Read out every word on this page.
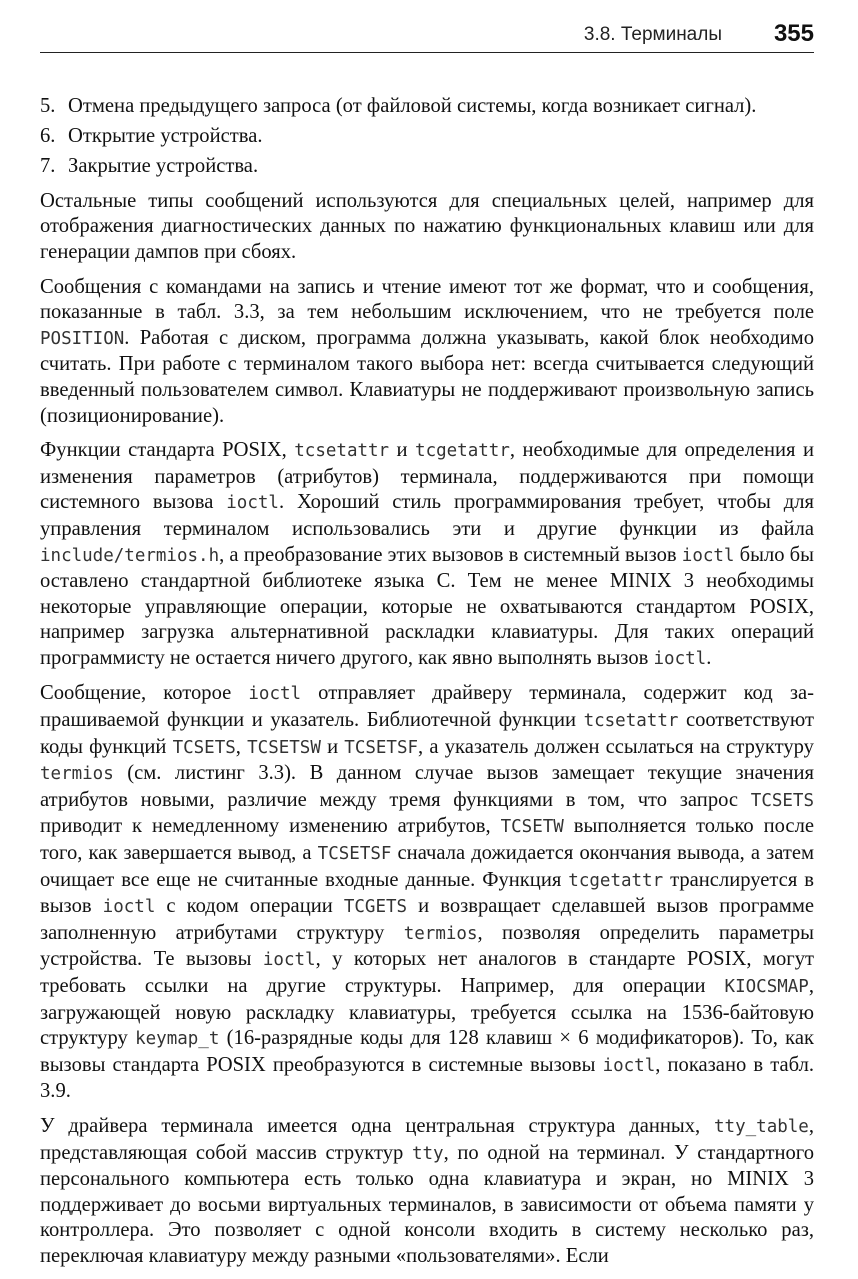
3.8. Терминалы 355
5. Отмена предыдущего запроса (от файловой системы, когда возникает сигнал).
6. Открытие устройства.
7. Закрытие устройства.

Остальные типы сообщений используются для специальных целей, например для отображения диагностических данных по нажатию функциональных клавиш или для генерации дампов при сбоях.

Сообщения с командами на запись и чтение имеют тот же формат, что и сообщения, показанные в табл. 3.3, за тем небольшим исключением, что не требуется поле POSITION. Работая с диском, программа должна указывать, какой блок необходимо считать. При работе с терминалом такого выбора нет: всегда считывается следующий введенный пользователем символ. Клавиатуры не поддерживают произвольную запись (позиционирование).

Функции стандарта POSIX, tcsetattr и tcgetattr, необходимые для определения и изменения параметров (атрибутов) терминала, поддерживаются при помощи системного вызова ioctl. Хороший стиль программирования требует, чтобы для управления терминалом использовались эти и другие функции из файла include/termios.h, а преобразование этих вызовов в системный вызов ioctl было бы оставлено стандартной библиотеке языка С. Тем не менее MINIX 3 необходимы некоторые управляющие операции, которые не охватываются стандартом POSIX, например загрузка альтернативной раскладки клавиатуры. Для таких операций программисту не остается ничего другого, как явно выполнять вызов ioctl.

Сообщение, которое ioctl отправляет драйверу терминала, содержит код запрашиваемой функции и указатель. Библиотечной функции tcsetattr соответствуют коды функций TCSETS, TCSETSW и TCSETSF, а указатель должен ссылаться на структуру termios (см. листинг 3.3). В данном случае вызов замещает текущие значения атрибутов новыми, различие между тремя функциями в том, что запрос TCSETS приводит к немедленному изменению атрибутов, TCSETW выполняется только после того, как завершается вывод, а TCSETSF сначала дожидается окончания вывода, а затем очищает все еще не считанные входные данные. Функция tcgetattr транслируется в вызов ioctl с кодом операции TCGETS и возвращает сделавшей вызов программе заполненную атрибутами структуру termios, позволяя определить параметры устройства. Те вызовы ioctl, у которых нет аналогов в стандарте POSIX, могут требовать ссылки на другие структуры. Например, для операции KIOCSMAP, загружающей новую раскладку клавиатуры, требуется ссылка на 1536-байтовую структуру keymap_t (16-разрядные коды для 128 клавиш × 6 модификаторов). То, как вызовы стандарта POSIX преобразуются в системные вызовы ioctl, показано в табл. 3.9.

У драйвера терминала имеется одна центральная структура данных, tty_table, представляющая собой массив структур tty, по одной на терминал. У стандартного персонального компьютера есть только одна клавиатура и экран, но MINIX 3 поддерживает до восьми виртуальных терминалов, в зависимости от объема памяти у контроллера. Это позволяет с одной консоли входить в систему несколько раз, переключая клавиатуру между разными «пользователями». Если
